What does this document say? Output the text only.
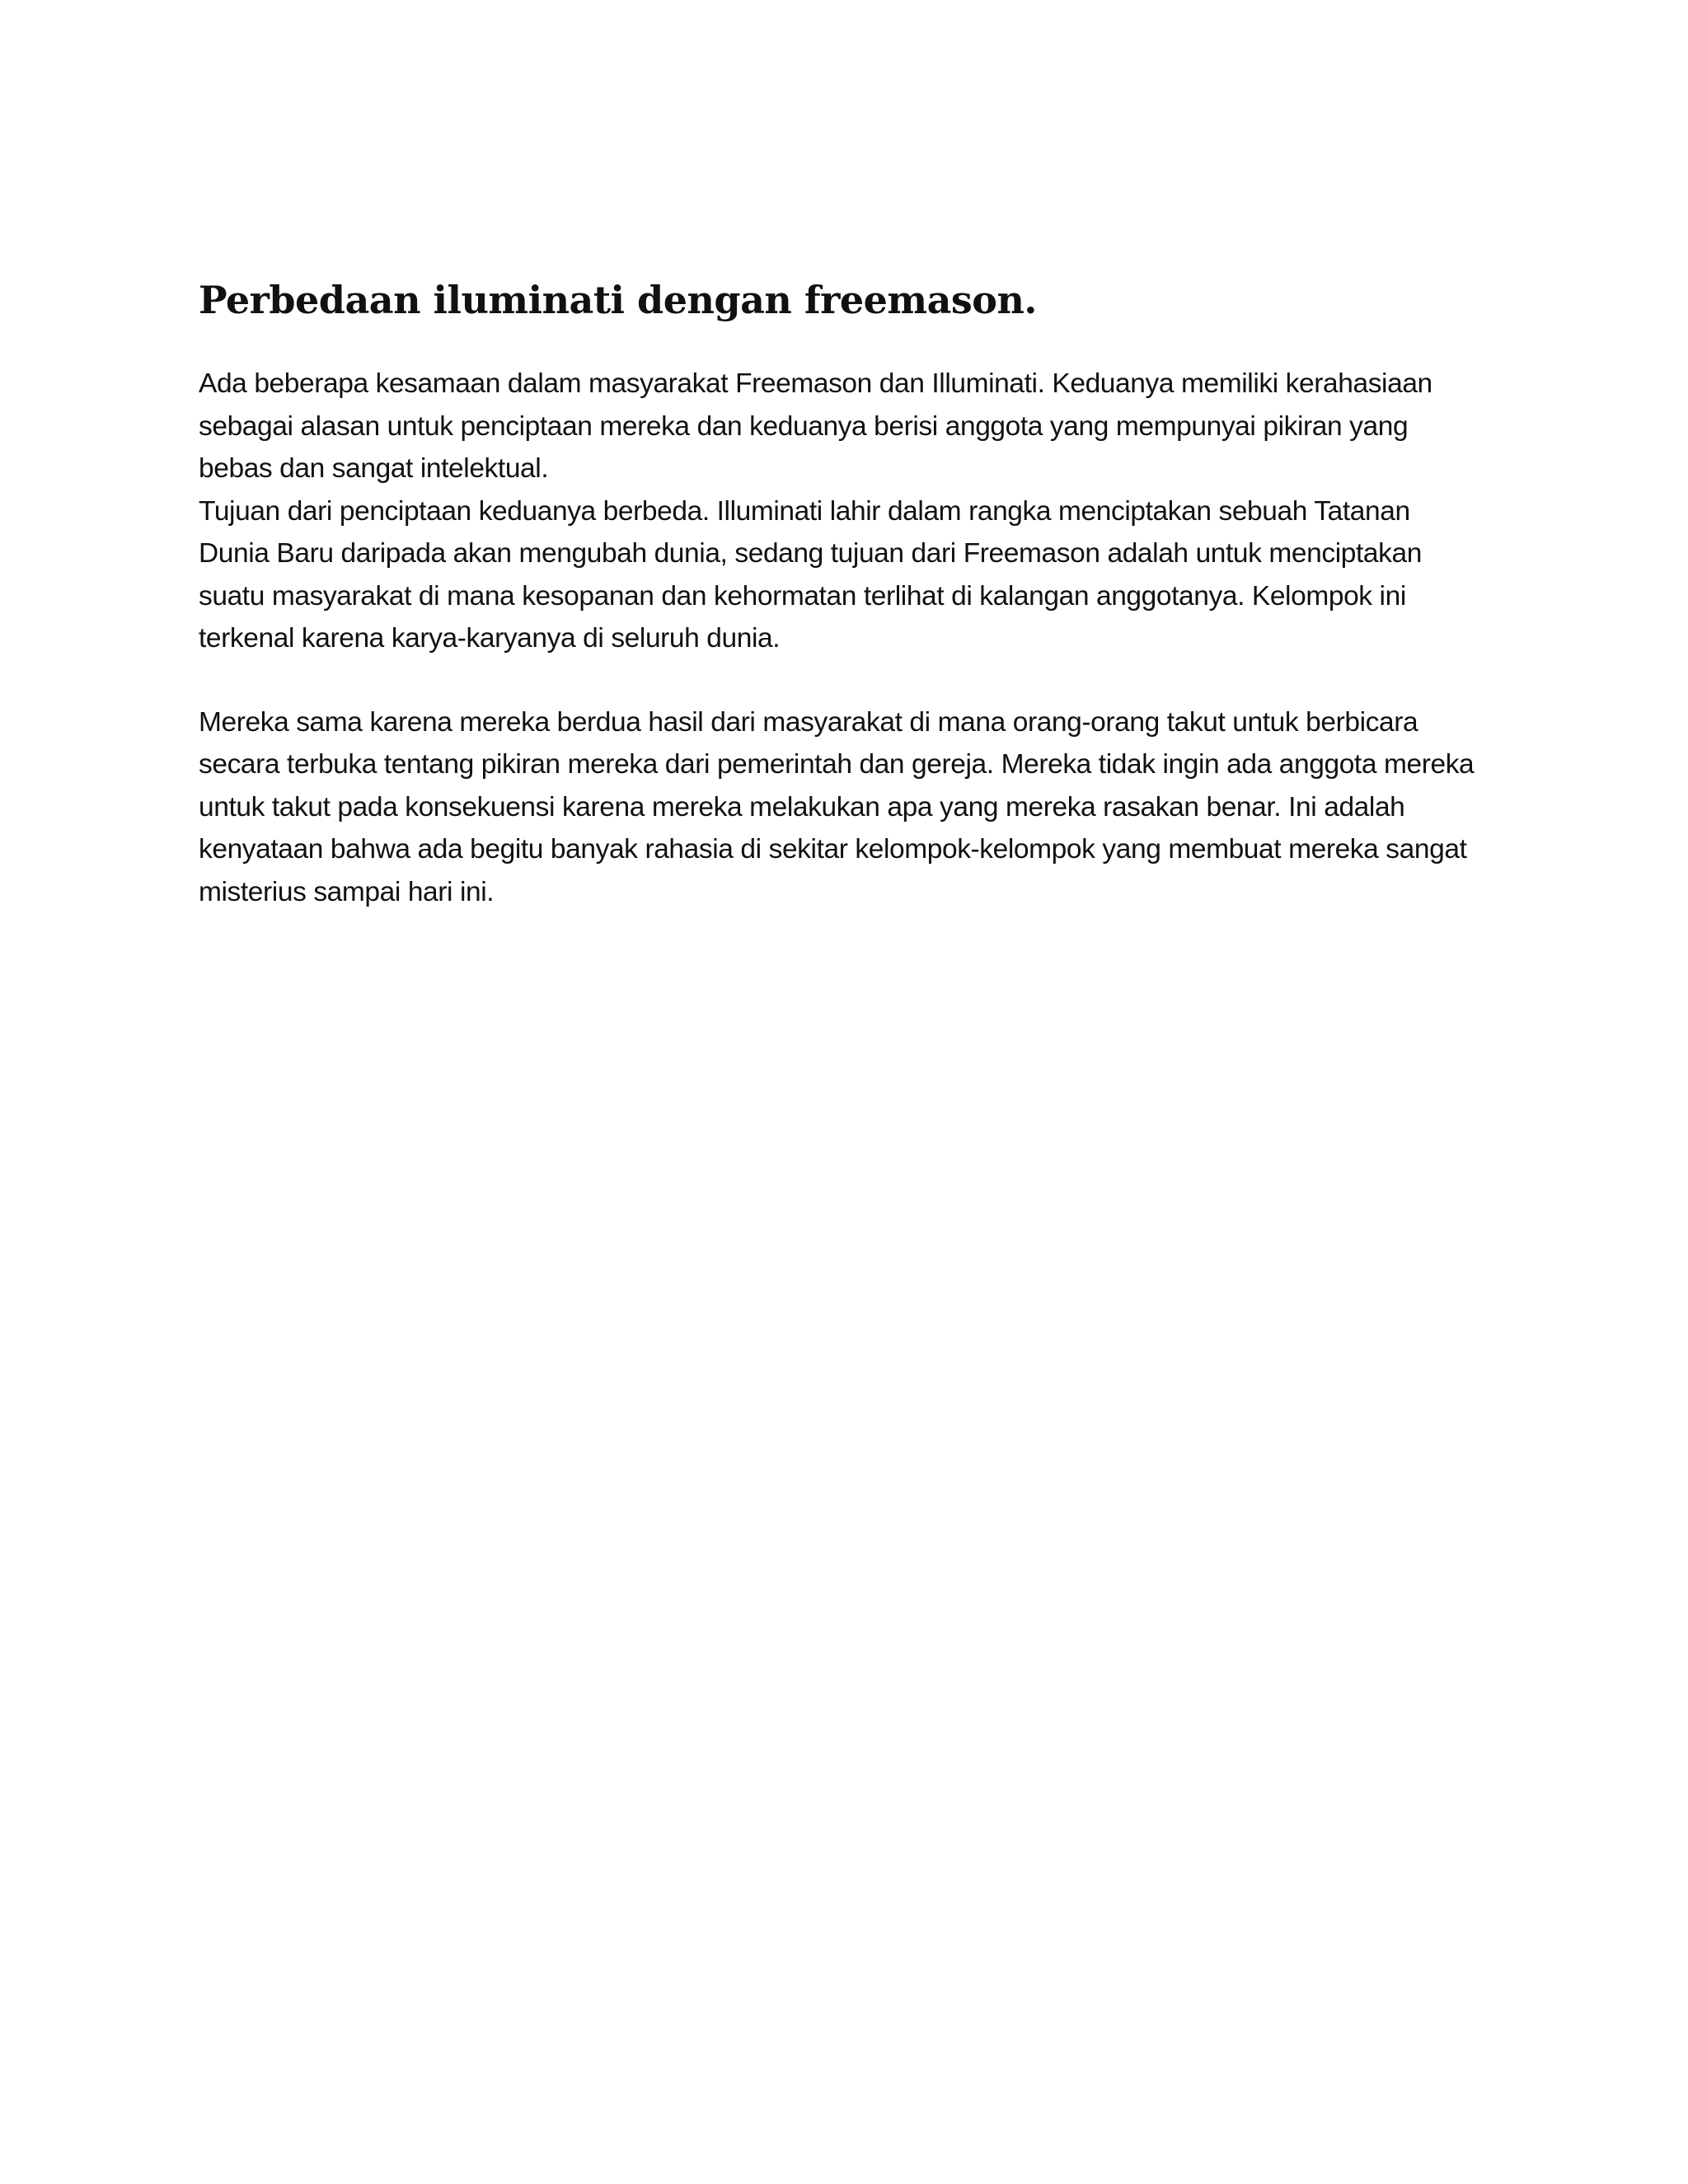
Perbedaan iluminati dengan freemason.

Ada beberapa kesamaan dalam masyarakat Freemason dan Illuminati. Keduanya memiliki kerahasiaan sebagai alasan untuk penciptaan mereka dan keduanya berisi anggota yang mempunyai pikiran yang bebas dan sangat intelektual.

Tujuan dari penciptaan keduanya berbeda. Illuminati lahir dalam rangka menciptakan sebuah Tatanan Dunia Baru daripada akan mengubah dunia, sedang tujuan dari Freemason adalah untuk menciptakan suatu masyarakat di mana kesopanan dan kehormatan terlihat di kalangan anggotanya. Kelompok ini terkenal karena karya-karyanya di seluruh dunia.

Mereka sama karena mereka berdua hasil dari masyarakat di mana orang-orang takut untuk berbicara secara terbuka tentang pikiran mereka dari pemerintah dan gereja. Mereka tidak ingin ada anggota mereka untuk takut pada konsekuensi karena mereka melakukan apa yang mereka rasakan benar. Ini adalah kenyataan bahwa ada begitu banyak rahasia di sekitar kelompok-kelompok yang membuat mereka sangat misterius sampai hari ini.
